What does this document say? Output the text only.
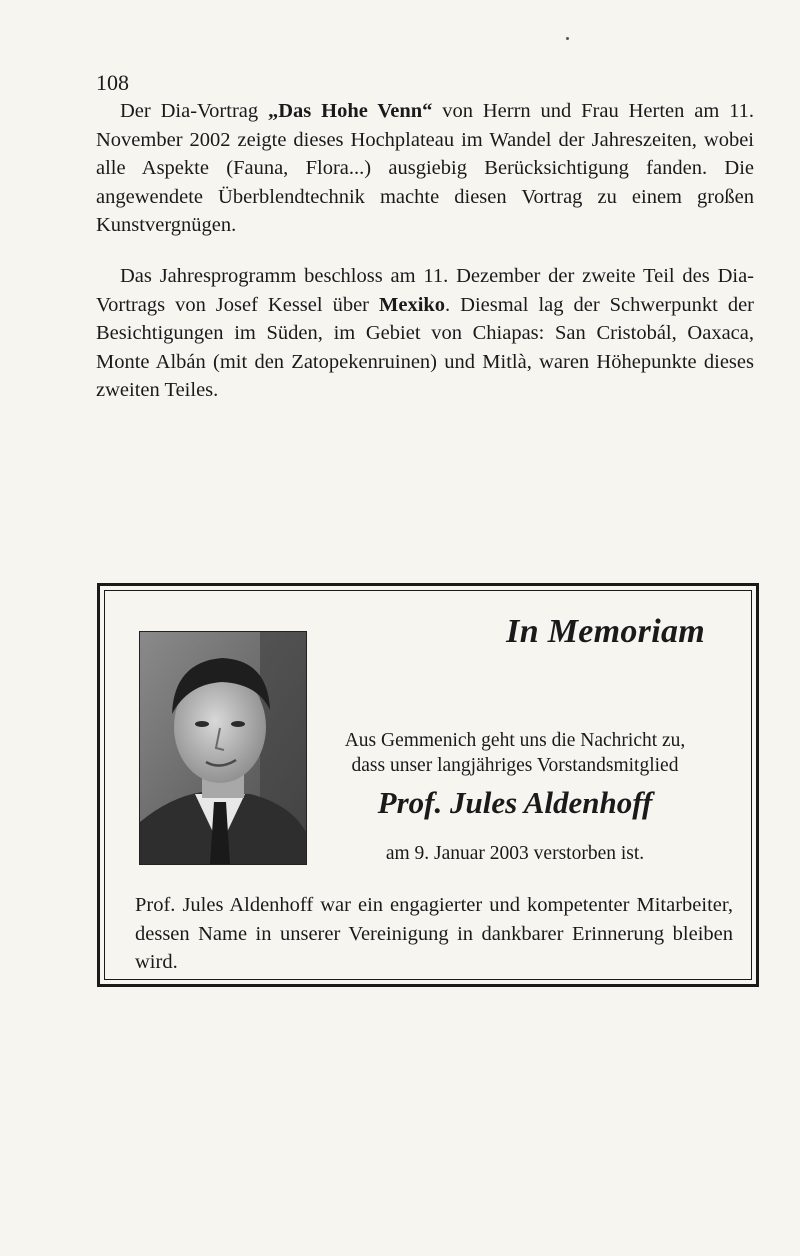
108

Der Dia-Vortrag „Das Hohe Venn“ von Herrn und Frau Herten am 11. November 2002 zeigte dieses Hochplateau im Wandel der Jahreszeiten, wobei alle Aspekte (Fauna, Flora...) ausgiebig Berücksichtigung fanden. Die angewendete Überblendtechnik machte diesen Vortrag zu einem großen Kunstvergnügen.

Das Jahresprogramm beschloss am 11. Dezember der zweite Teil des Dia-Vortrags von Josef Kessel über Mexiko. Diesmal lag der Schwerpunkt der Besichtigungen im Süden, im Gebiet von Chiapas: San Cristobál, Oaxaca, Monte Albán (mit den Zatopekenruinen) und Mitlà, waren Höhepunkte dieses zweiten Teiles.

In Memoriam
Aus Gemmenich geht uns die Nachricht zu,
dass unser langjähriges Vorstandsmitglied
Prof. Jules Aldenhoff
am 9. Januar 2003 verstorben ist.

Prof. Jules Aldenhoff war ein engagierter und kompetenter Mitarbeiter, dessen Name in unserer Vereinigung in dankbarer Erinnerung bleiben wird.
